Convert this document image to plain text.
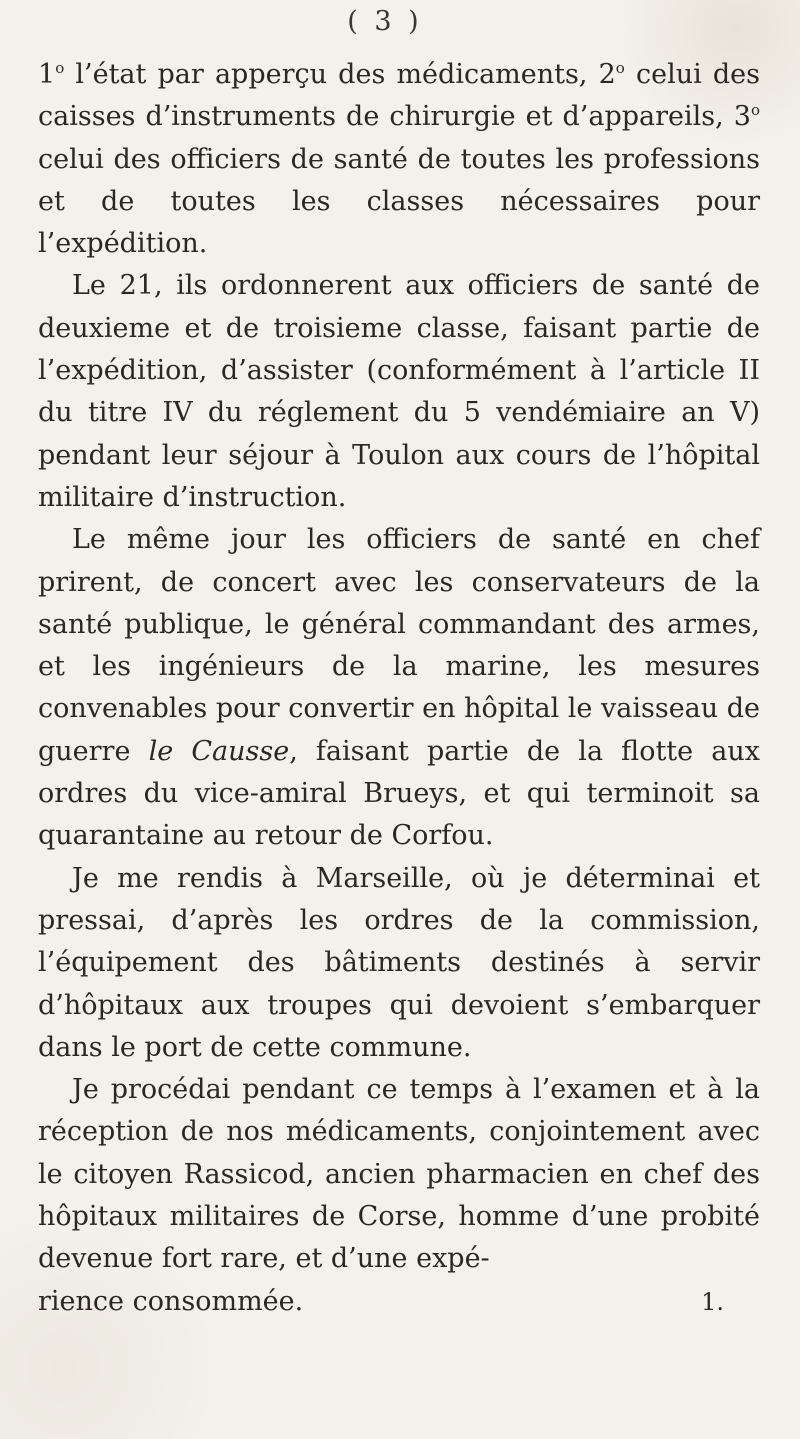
( 3 )

1$^o$ l’état par apperçu des médicaments, 2$^o$ celui des caisses d’instruments de chirurgie et d’appareils, 3$^o$ celui des officiers de santé de toutes les professions et de toutes les classes nécessaires pour l’expédition.

Le 21, ils ordonnerent aux officiers de santé de deuxieme et de troisieme classe, faisant partie de l’expédition, d’assister (conformément à l’article II du titre IV du réglement du 5 vendémiaire an V) pendant leur séjour à Toulon aux cours de l’hôpital militaire d’instruction.

Le même jour les officiers de santé en chef prirent, de concert avec les conservateurs de la santé publique, le général commandant des armes, et les ingénieurs de la marine, les mesures convenables pour convertir en hôpital le vaisseau de guerre le Causse, faisant partie de la flotte aux ordres du vice-amiral Brueys, et qui terminoit sa quarantaine au retour de Corfou.

Je me rendis à Marseille, où je déterminai et pressai, d’après les ordres de la commission, l’équipement des bâtiments destinés à servir d’hôpitaux aux troupes qui devoient s’embarquer dans le port de cette commune.

Je procédai pendant ce temps à l’examen et à la réception de nos médicaments, conjointement avec le citoyen Rassicod, ancien pharmacien en chef des hôpitaux militaires de Corse, homme d’une probité devenue fort rare, et d’une expé-

rience consommée.	1.
